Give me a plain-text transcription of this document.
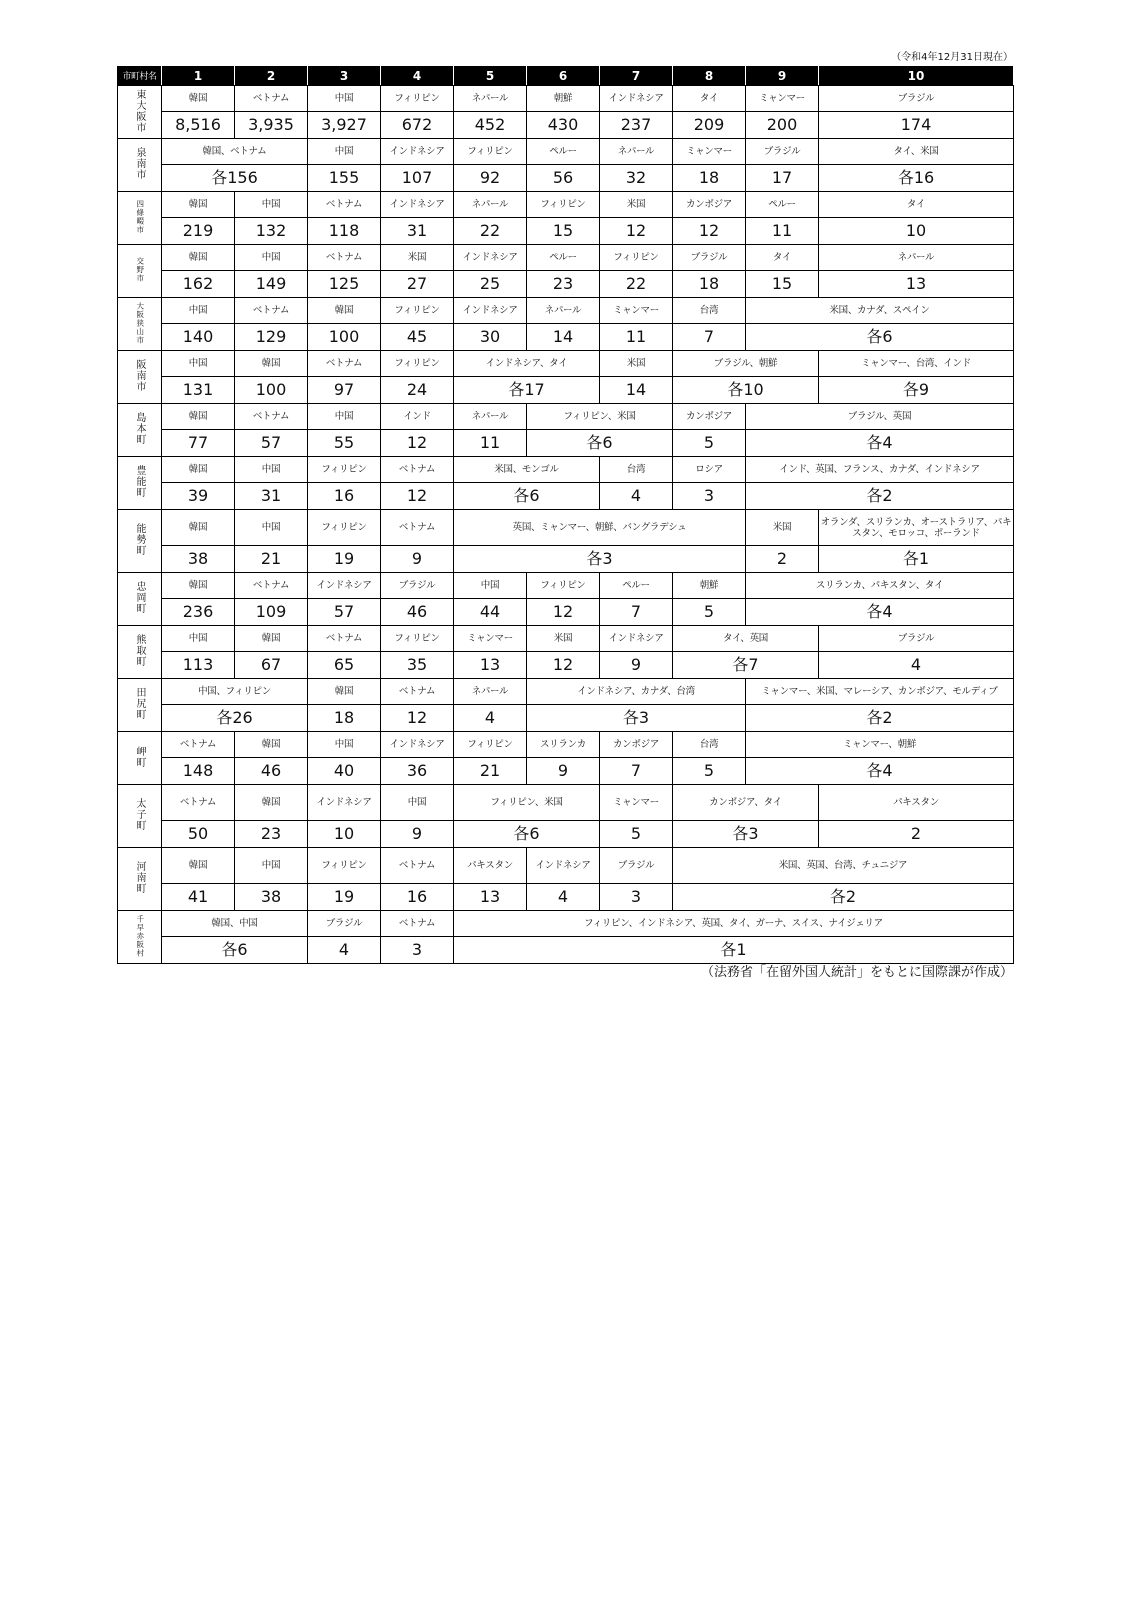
（令和4年12月31日現在）
市町村名	1	2	3	4	5	6	7	8	9	10
東大阪市	韓国	ベトナム	中国	フィリピン	ネパール	朝鮮	インドネシア	タイ	ミャンマー	ブラジル
	8,516	3,935	3,927	672	452	430	237	209	200	174
泉南市	韓国、ベトナム		中国	インドネシア	フィリピン	ペルー	ネパール	ミャンマー	ブラジル	タイ、米国
	各156		155	107	92	56	32	18	17	各16
四條畷市	韓国	中国	ベトナム	インドネシア	ネパール	フィリピン	米国	カンボジア	ペルー	タイ
	219	132	118	31	22	15	12	12	11	10
交野市	韓国	中国	ベトナム	米国	インドネシア	ペルー	フィリピン	ブラジル	タイ	ネパール
	162	149	125	27	25	23	22	18	15	13
大阪狭山市	中国	ベトナム	韓国	フィリピン	インドネシア	ネパール	ミャンマー	台湾	米国、カナダ、スペイン	
	140	129	100	45	30	14	11	7	各6	
阪南市	中国	韓国	ベトナム	フィリピン	インドネシア、タイ		米国	ブラジル、朝鮮		ミャンマー、台湾、インド
	131	100	97	24	各17		14	各10		各9
島本町	韓国	ベトナム	中国	インド	ネパール	フィリピン、米国		カンボジア	ブラジル、英国	
	77	57	55	12	11	各6		5	各4	
豊能町	韓国	中国	フィリピン	ベトナム	米国、モンゴル		台湾	ロシア	インド、英国、フランス、カナダ、インドネシア	
	39	31	16	12	各6		4	3	各2	
能勢町	韓国	中国	フィリピン	ベトナム	英国、ミャンマー、朝鮮、バングラデシュ				米国	オランダ、スリランカ、オーストラリア、パキスタン、モロッコ、ポーランド
	38	21	19	9	各3				2	各1
忠岡町	韓国	ベトナム	インドネシア	ブラジル	中国	フィリピン	ペルー	朝鮮	スリランカ、パキスタン、タイ	
	236	109	57	46	44	12	7	5	各4	
熊取町	中国	韓国	ベトナム	フィリピン	ミャンマー	米国	インドネシア	タイ、英国		ブラジル
	113	67	65	35	13	12	9	各7		4
田尻町	中国、フィリピン		韓国	ベトナム	ネパール	インドネシア、カナダ、台湾			ミャンマー、米国、マレーシア、カンボジア、モルディブ	
	各26		18	12	4	各3			各2	
岬町	ベトナム	韓国	中国	インドネシア	フィリピン	スリランカ	カンボジア	台湾	ミャンマー、朝鮮	
	148	46	40	36	21	9	7	5	各4	
太子町	ベトナム	韓国	インドネシア	中国	フィリピン、米国		ミャンマー	カンボジア、タイ		パキスタン
	50	23	10	9	各6		5	各3		2
河南町	韓国	中国	フィリピン	ベトナム	パキスタン	インドネシア	ブラジル	米国、英国、台湾、チュニジア		
	41	38	19	16	13	4	3	各2		
千早赤阪村	韓国、中国		ブラジル	ベトナム	フィリピン、インドネシア、英国、タイ、ガーナ、スイス、ナイジェリア					
	各6		4	3	各1					
（法務省「在留外国人統計」をもとに国際課が作成）
